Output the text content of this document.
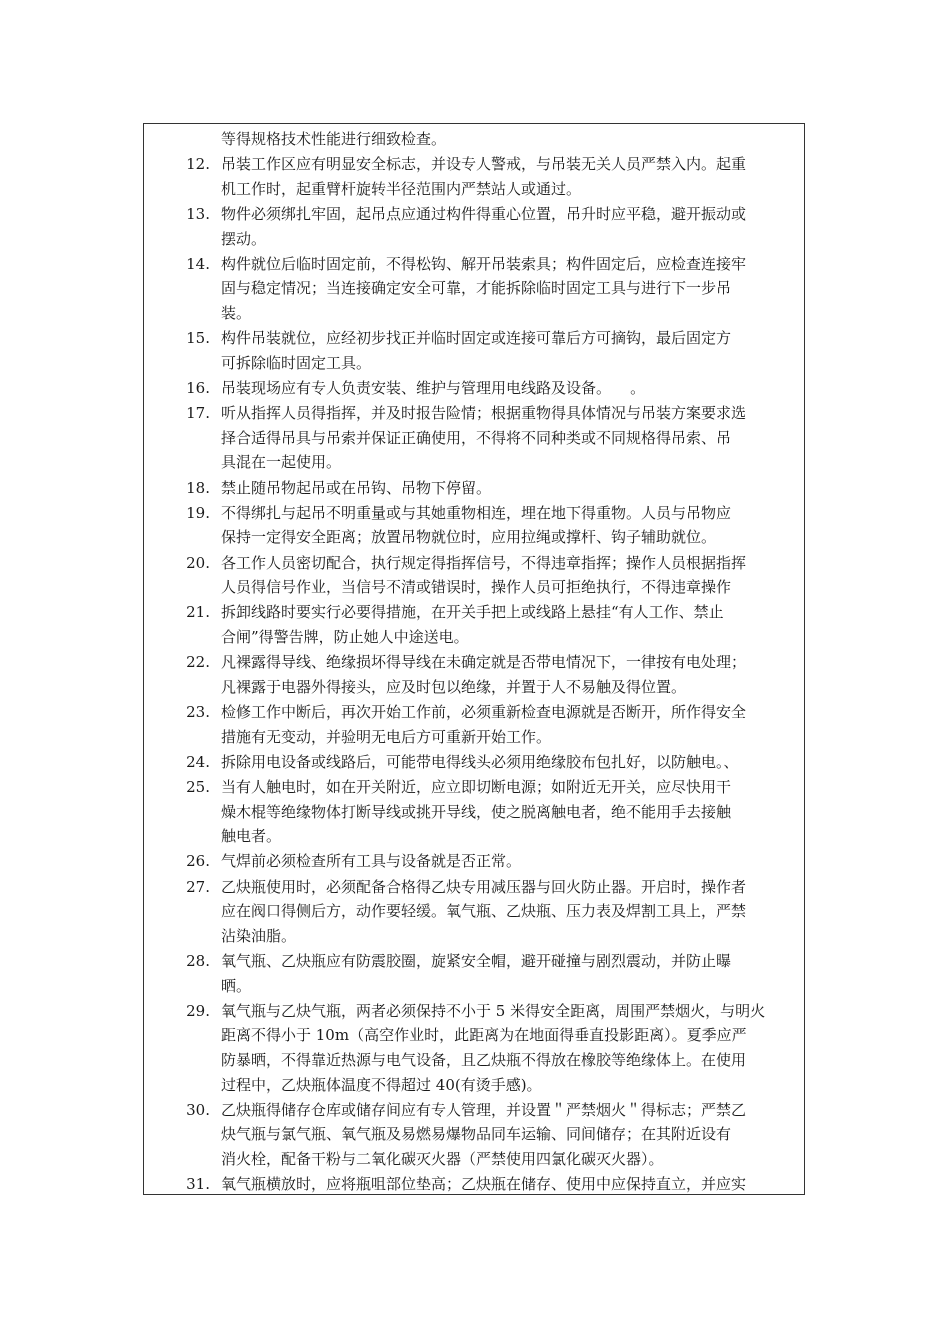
等得规格技术性能进行细致检查。
12. 吊装工作区应有明显安全标志，并设专人警戒，与吊装无关人员严禁入内。起重
机工作时，起重臂杆旋转半径范围内严禁站人或通过。
13. 物件必须绑扎牢固，起吊点应通过构件得重心位置，吊升时应平稳，避开振动或
摆动。
14. 构件就位后临时固定前，不得松钩、解开吊装索具；构件固定后，应检查连接牢
固与稳定情况；当连接确定安全可靠，才能拆除临时固定工具与进行下一步吊
装。
15. 构件吊装就位，应经初步找正并临时固定或连接可靠后方可摘钩，最后固定方
可拆除临时固定工具。
16. 吊装现场应有专人负责安装、维护与管理用电线路及设备。    。
17. 听从指挥人员得指挥，并及时报告险情；根据重物得具体情况与吊装方案要求选
择合适得吊具与吊索并保证正确使用，不得将不同种类或不同规格得吊索、吊
具混在一起使用。
18. 禁止随吊物起吊或在吊钩、吊物下停留。
19. 不得绑扎与起吊不明重量或与其她重物相连，埋在地下得重物。人员与吊物应
保持一定得安全距离；放置吊物就位时，应用拉绳或撑杆、钩子辅助就位。
20. 各工作人员密切配合，执行规定得指挥信号，不得违章指挥；操作人员根据指挥
人员得信号作业，当信号不清或错误时，操作人员可拒绝执行，不得违章操作
21. 拆卸线路时要实行必要得措施，在开关手把上或线路上悬挂“有人工作、禁止
合闸”得警告牌，防止她人中途送电。
22. 凡裸露得导线、绝缘损坏得导线在未确定就是否带电情况下，一律按有电处理；
凡裸露于电器外得接头，应及时包以绝缘，并置于人不易触及得位置。
23. 检修工作中断后，再次开始工作前，必须重新检查电源就是否断开，所作得安全
措施有无变动，并验明无电后方可重新开始工作。
24. 拆除用电设备或线路后，可能带电得线头必须用绝缘胶布包扎好，以防触电。、
25. 当有人触电时，如在开关附近，应立即切断电源；如附近无开关，应尽快用干
燥木棍等绝缘物体打断导线或挑开导线，使之脱离触电者，绝不能用手去接触
触电者。
26. 气焊前必须检查所有工具与设备就是否正常。
27. 乙炔瓶使用时，必须配备合格得乙炔专用减压器与回火防止器。开启时，操作者
应在阀口得侧后方，动作要轻缓。氧气瓶、乙炔瓶、压力表及焊割工具上，严禁
沾染油脂。
28. 氧气瓶、乙炔瓶应有防震胶圈，旋紧安全帽，避开碰撞与剧烈震动，并防止曝
晒。
29. 氧气瓶与乙炔气瓶，两者必须保持不小于 5 米得安全距离，周围严禁烟火，与明火
距离不得小于 10m（高空作业时，此距离为在地面得垂直投影距离）。夏季应严
防暴晒，不得靠近热源与电气设备，且乙炔瓶不得放在橡胶等绝缘体上。在使用
过程中，乙炔瓶体温度不得超过 40(有烫手感)。
30. 乙炔瓶得储存仓库或储存间应有专人管理，并设置＂严禁烟火＂得标志；严禁乙
炔气瓶与氯气瓶、氧气瓶及易燃易爆物品同车运输、同间储存；在其附近设有
消火栓，配备干粉与二氧化碳灭火器（严禁使用四氯化碳灭火器）。
31. 氧气瓶横放时，应将瓶咀部位垫高；乙炔瓶在储存、使用中应保持直立，并应实
